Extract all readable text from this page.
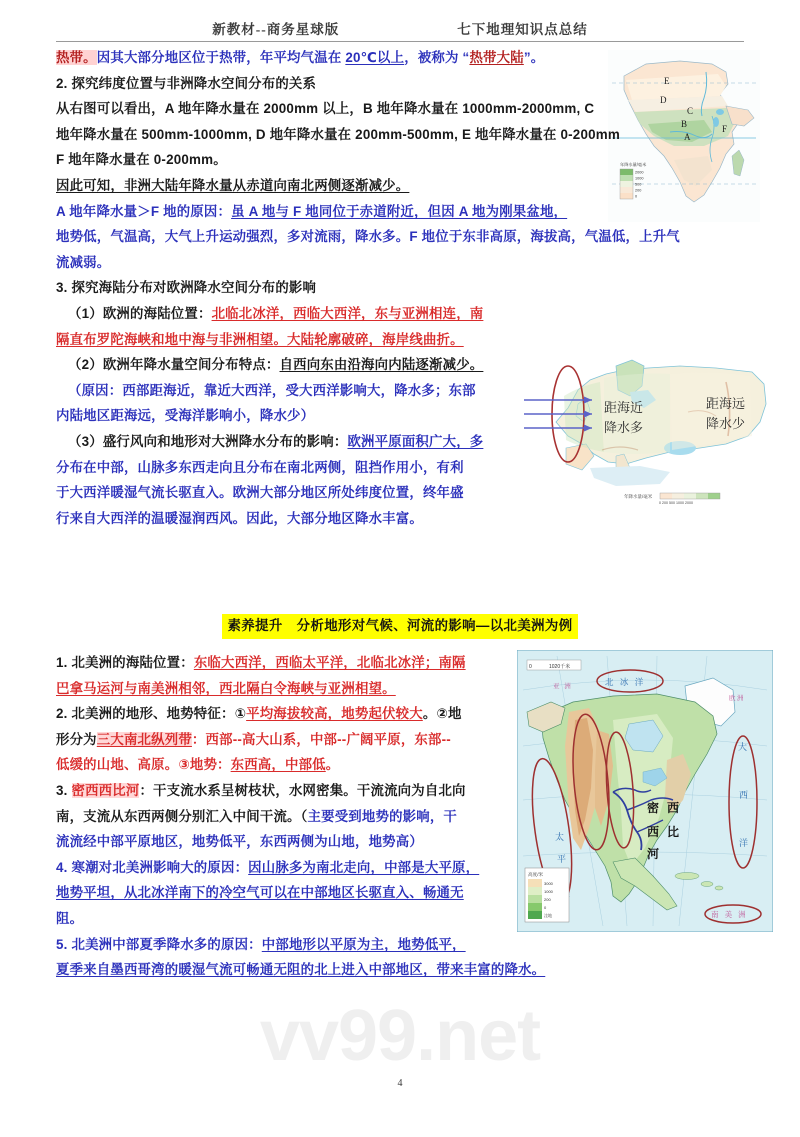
新教材--商务星球版	七下地理知识点总结
E
D
C
B
A
F
年降水量/毫米
2000
1000
500
200
0
距海近
降水多
距海远
降水少
年降水量/毫米
0 200 500 1000 2000
北 冰 洋
亚 洲
欧洲
太
平
大
西
洋
南 美 洲
密 西
西 比
河
0	1020千米
高度/米
3000
1000
200
0
洼地
热带。因其大部分地区位于热带，年平均气温在 20℃以上，被称为 “热带大陆”。
2. 探究纬度位置与非洲降水空间分布的关系
从右图可以看出，A 地年降水量在 2000mm 以上，B 地年降水量在 1000mm-2000mm, C
地年降水量在 500mm-1000mm, D 地年降水量在 200mm-500mm, E 地年降水量在 0-200mm
F 地年降水量在 0-200mm。
因此可知，非洲大陆年降水量从赤道向南北两侧逐渐减少。
A 地年降水量＞F 地的原因：虽 A 地与 F 地同位于赤道附近，但因 A 地为刚果盆地，
地势低，气温高，大气上升运动强烈，多对流雨，降水多。F 地位于东非高原，海拔高，气温低，上升气
流减弱。
3. 探究海陆分布对欧洲降水空间分布的影响
（1）欧洲的海陆位置：北临北冰洋，西临大西洋，东与亚洲相连，南
隔直布罗陀海峡和地中海与非洲相望。大陆轮廓破碎，海岸线曲折。
（2）欧洲年降水量空间分布特点：自西向东由沿海向内陆逐渐减少。
（原因：西部距海近，靠近大西洋，受大西洋影响大，降水多；东部
内陆地区距海远，受海洋影响小，降水少）
（3）盛行风向和地形对大洲降水分布的影响：欧洲平原面积广大，多
分布在中部，山脉多东西走向且分布在南北两侧，阻挡作用小，有利
于大西洋暖湿气流长驱直入。欧洲大部分地区所处纬度位置，终年盛
行来自大西洋的温暖湿润西风。因此，大部分地区降水丰富。
素养提升 分析地形对气候、河流的影响—以北美洲为例
1. 北美洲的海陆位置：东临大西洋，西临太平洋，北临北冰洋；南隔
巴拿马运河与南美洲相邻，西北隔白令海峡与亚洲相望。
2. 北美洲的地形、地势特征：①平均海拔较高，地势起伏较大。②地
形分为三大南北纵列带：西部--高大山系，中部--广阔平原，东部--
低缓的山地、高原。③地势：东西高，中部低。
3. 密西西比河：干支流水系呈树枝状，水网密集。干流流向为自北向
南，支流从东西两侧分别汇入中间干流。（主要受到地势的影响，干
流流经中部平原地区，地势低平，东西两侧为山地，地势高）
4. 寒潮对北美洲影响大的原因：因山脉多为南北走向，中部是大平原，
地势平坦，从北冰洋南下的冷空气可以在中部地区长驱直入、畅通无
阻。
5. 北美洲中部夏季降水多的原因：中部地形以平原为主，地势低平，
夏季来自墨西哥湾的暖湿气流可畅通无阻的北上进入中部地区，带来丰富的降水。
vv99.net
4
